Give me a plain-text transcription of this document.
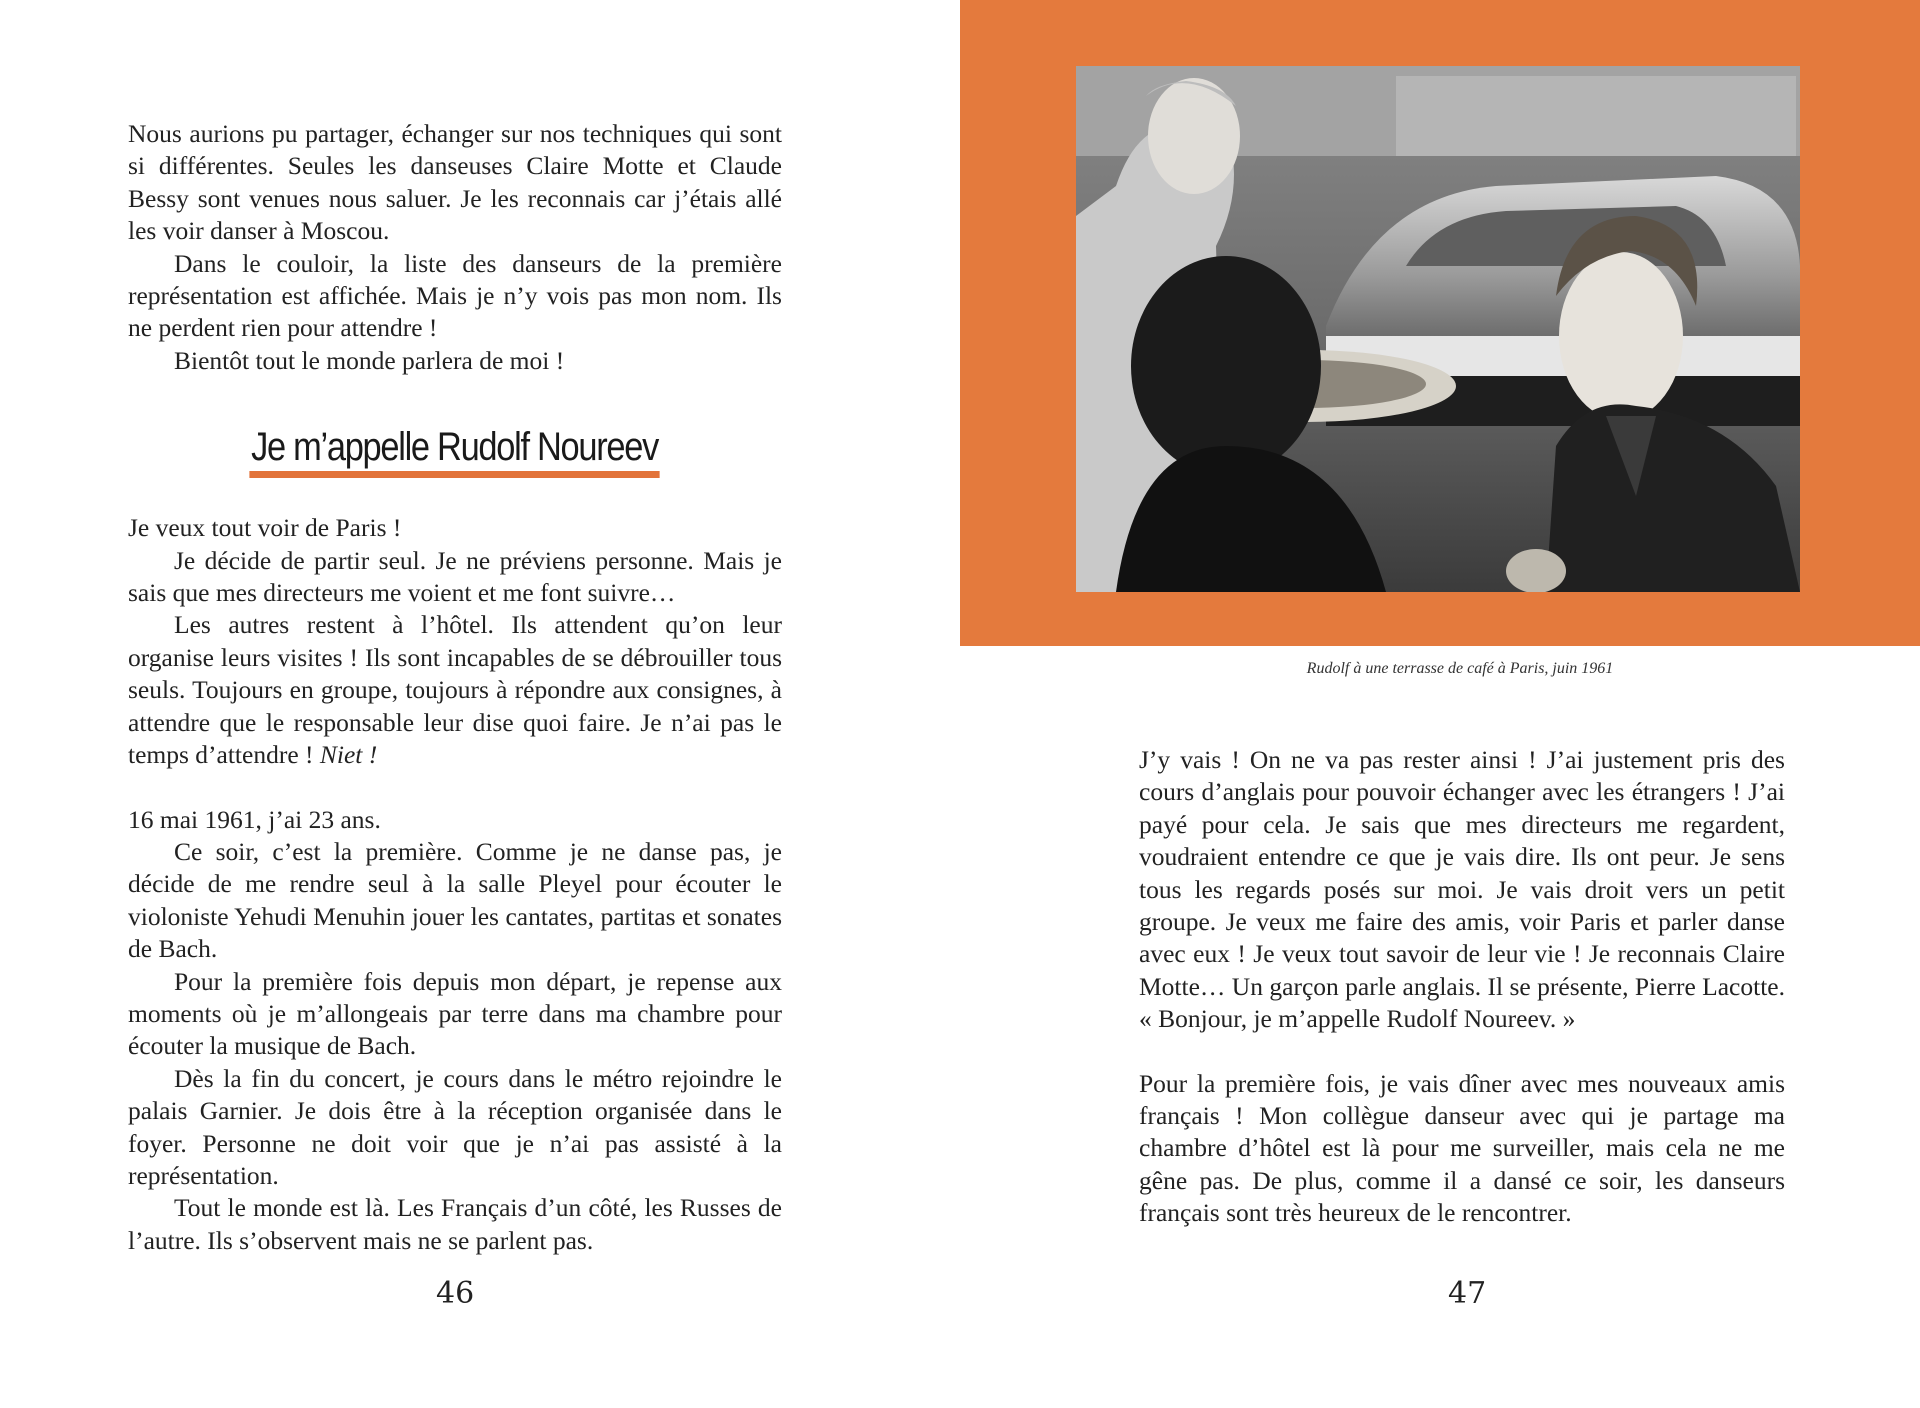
Nous aurions pu partager, échanger sur nos techniques qui sont si différentes. Seules les danseuses Claire Motte et Claude Bessy sont venues nous saluer. Je les reconnais car j’étais allé les voir danser à Moscou.

Dans le couloir, la liste des danseurs de la première représentation est affichée. Mais je n’y vois pas mon nom. Ils ne perdent rien pour attendre !

Bientôt tout le monde parlera de moi !

Je m’appelle Rudolf Noureev

Je veux tout voir de Paris !

Je décide de partir seul. Je ne préviens personne. Mais je sais que mes directeurs me voient et me font suivre…

Les autres restent à l’hôtel. Ils attendent qu’on leur organise leurs visites ! Ils sont incapables de se débrouiller tous seuls. Toujours en groupe, toujours à répondre aux consignes, à attendre que le responsable leur dise quoi faire. Je n’ai pas le temps d’attendre ! Niet !

16 mai 1961, j’ai 23 ans.

Ce soir, c’est la première. Comme je ne danse pas, je décide de me rendre seul à la salle Pleyel pour écouter le violoniste Yehudi Menuhin jouer les cantates, partitas et sonates de Bach.

Pour la première fois depuis mon départ, je repense aux moments où je m’allongeais par terre dans ma chambre pour écouter la musique de Bach.

Dès la fin du concert, je cours dans le métro rejoindre le palais Garnier. Je dois être à la réception organisée dans le foyer. Personne ne doit voir que je n’ai pas assisté à la représentation.

Tout le monde est là. Les Français d’un côté, les Russes de l’autre. Ils s’observent mais ne se parlent pas.

46
Rudolf à une terrasse de café à Paris, juin 1961

J’y vais ! On ne va pas rester ainsi ! J’ai justement pris des cours d’anglais pour pouvoir échanger avec les étrangers ! J’ai payé pour cela. Je sais que mes directeurs me regardent, voudraient entendre ce que je vais dire. Ils ont peur. Je sens tous les regards posés sur moi. Je vais droit vers un petit groupe. Je veux me faire des amis, voir Paris et parler danse avec eux ! Je veux tout savoir de leur vie ! Je reconnais Claire Motte… Un garçon parle anglais. Il se présente, Pierre Lacotte. « Bonjour, je m’appelle Rudolf Noureev. »

Pour la première fois, je vais dîner avec mes nouveaux amis français ! Mon collègue danseur avec qui je partage ma chambre d’hôtel est là pour me surveiller, mais cela ne me gêne pas. De plus, comme il a dansé ce soir, les danseurs français sont très heureux de le rencontrer.

47
